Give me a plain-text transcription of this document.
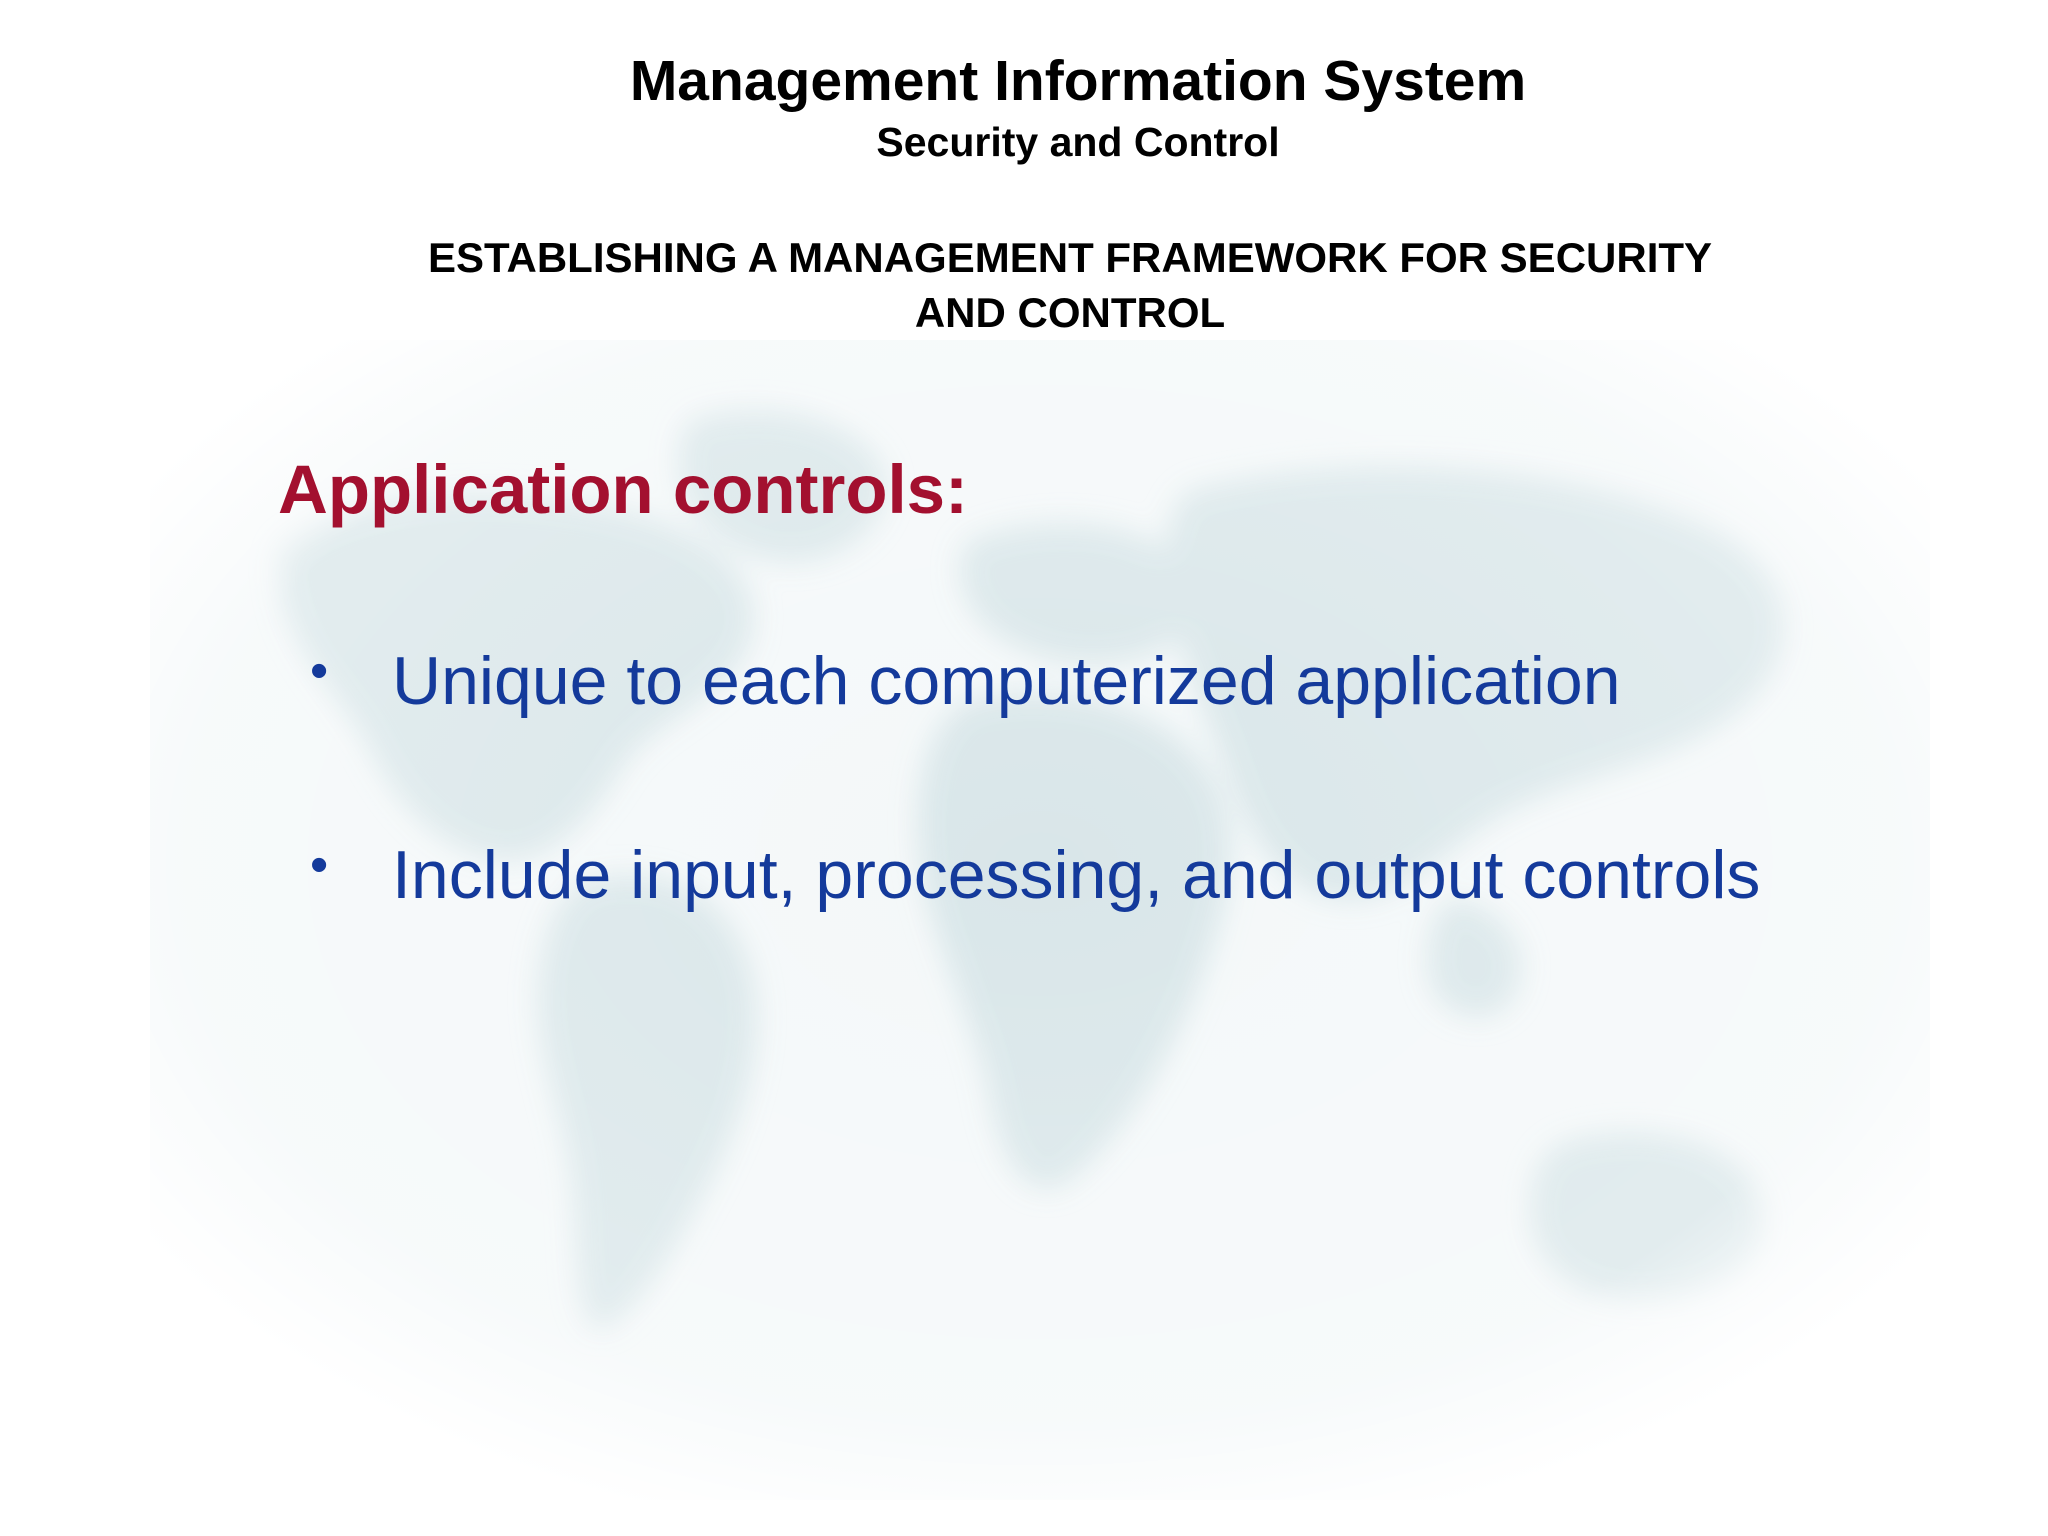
Management Information System
Security and Control
ESTABLISHING A MANAGEMENT FRAMEWORK FOR SECURITY AND CONTROL
Application controls:
• Unique to each computerized application
• Include input, processing, and output controls
